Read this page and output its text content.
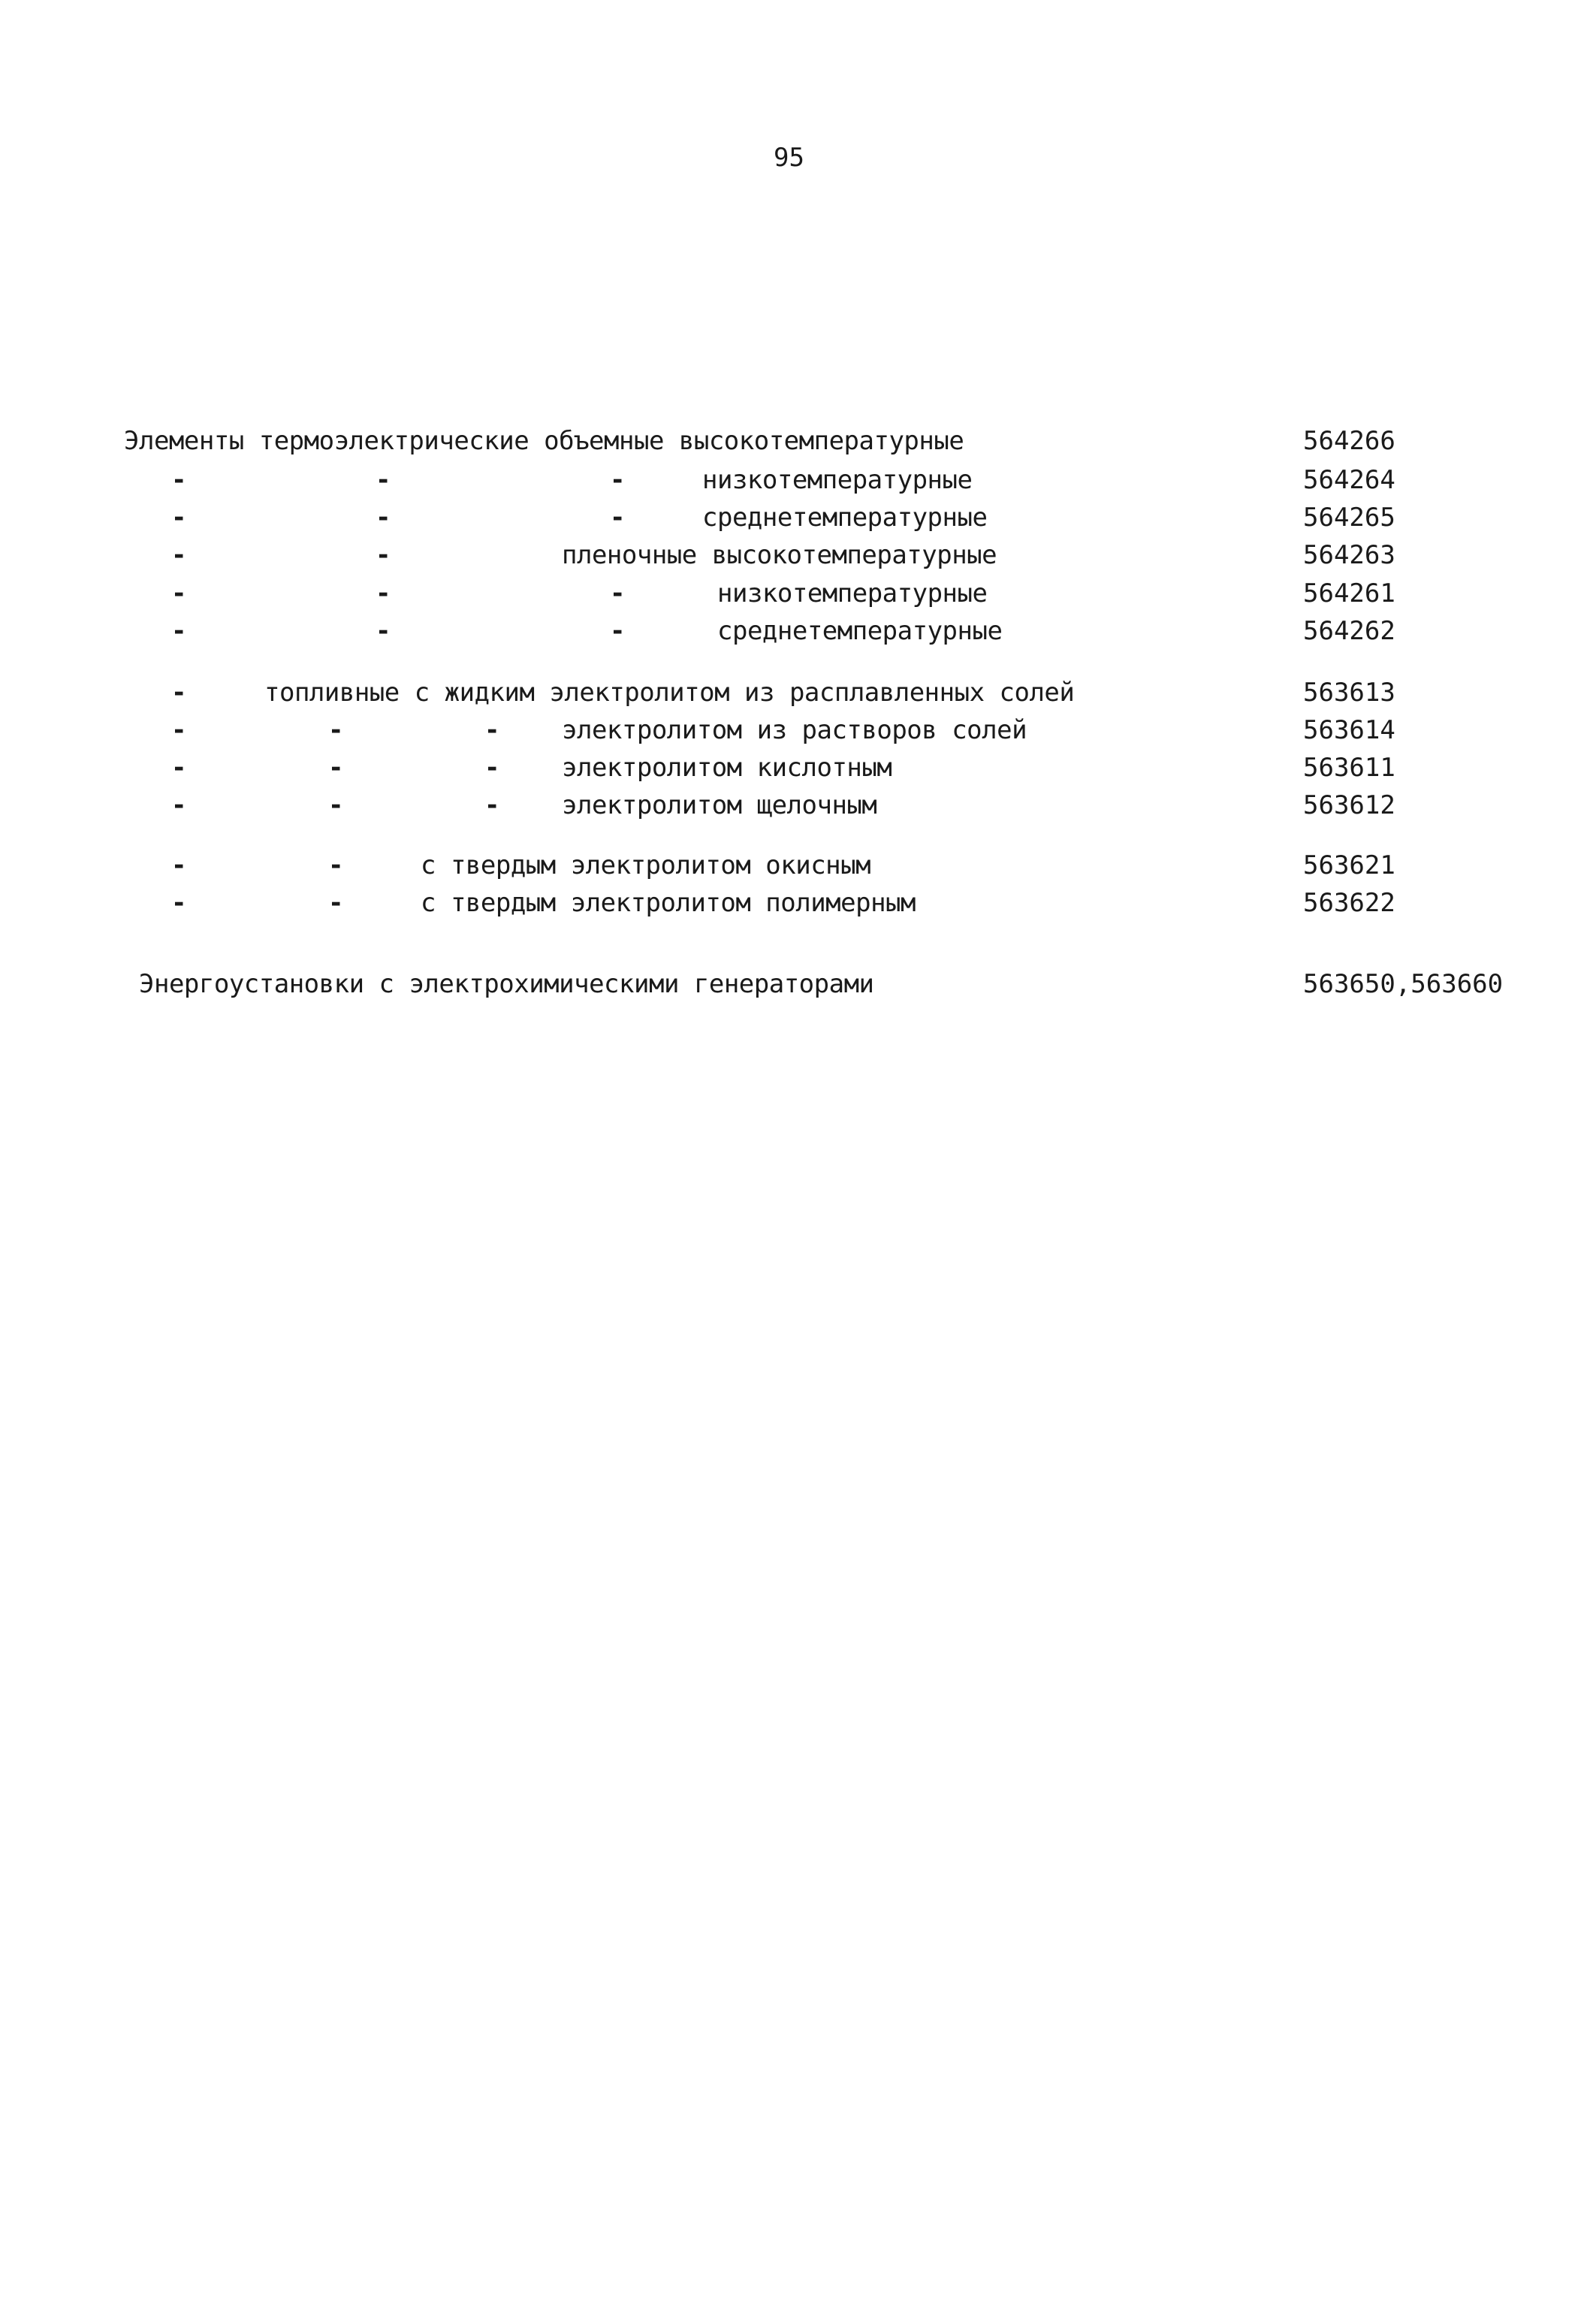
95
Элементы термоэлектрические объемные высокотемпературные	564266
-	-	-	низкотемпературные	564264
-	-	-	среднетемпературные	564265
-	-	пленочные высокотемпературные	564263
-	-	-	низкотемпературные	564261
-	-	-	среднетемпературные	564262
-	топливные с жидким электролитом из расплавленных солей	563613
-	-	- электролитом из растворов солей	563614
-	-	- электролитом кислотным	563611
-	-	- электролитом щелочным	563612
-	-	с твердым электролитом окисным	563621
-	-	с твердым электролитом полимерным	563622
Энергоустановки с электрохимическими генераторами	563650,563660
